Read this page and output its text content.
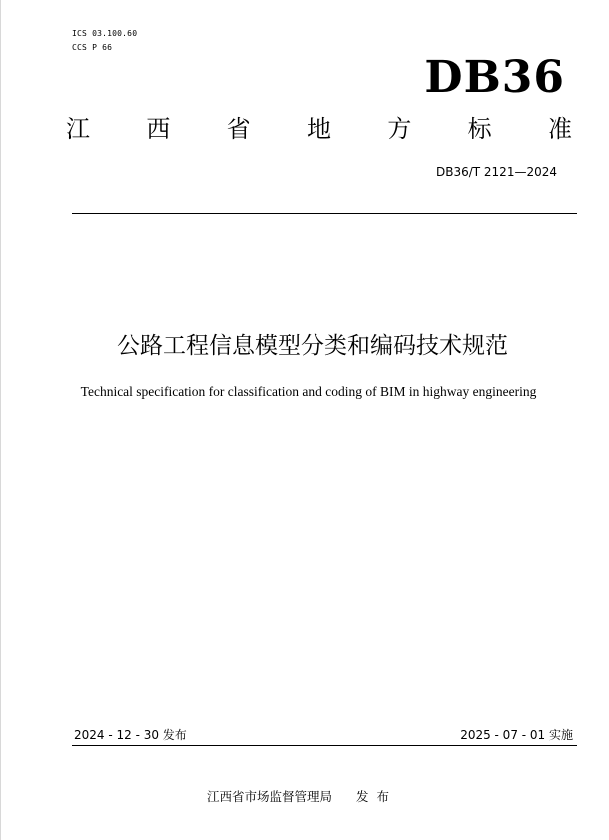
ICS 03.100.60
CCS P 66
DB36
江 西 省 地 方 标 准
DB36/T 2121—2024
公路工程信息模型分类和编码技术规范
Technical specification for classification and coding of BIM in highway engineering
2024 - 12 - 30 发布	2025 - 07 - 01 实施
江西省市场监督管理局 发布
